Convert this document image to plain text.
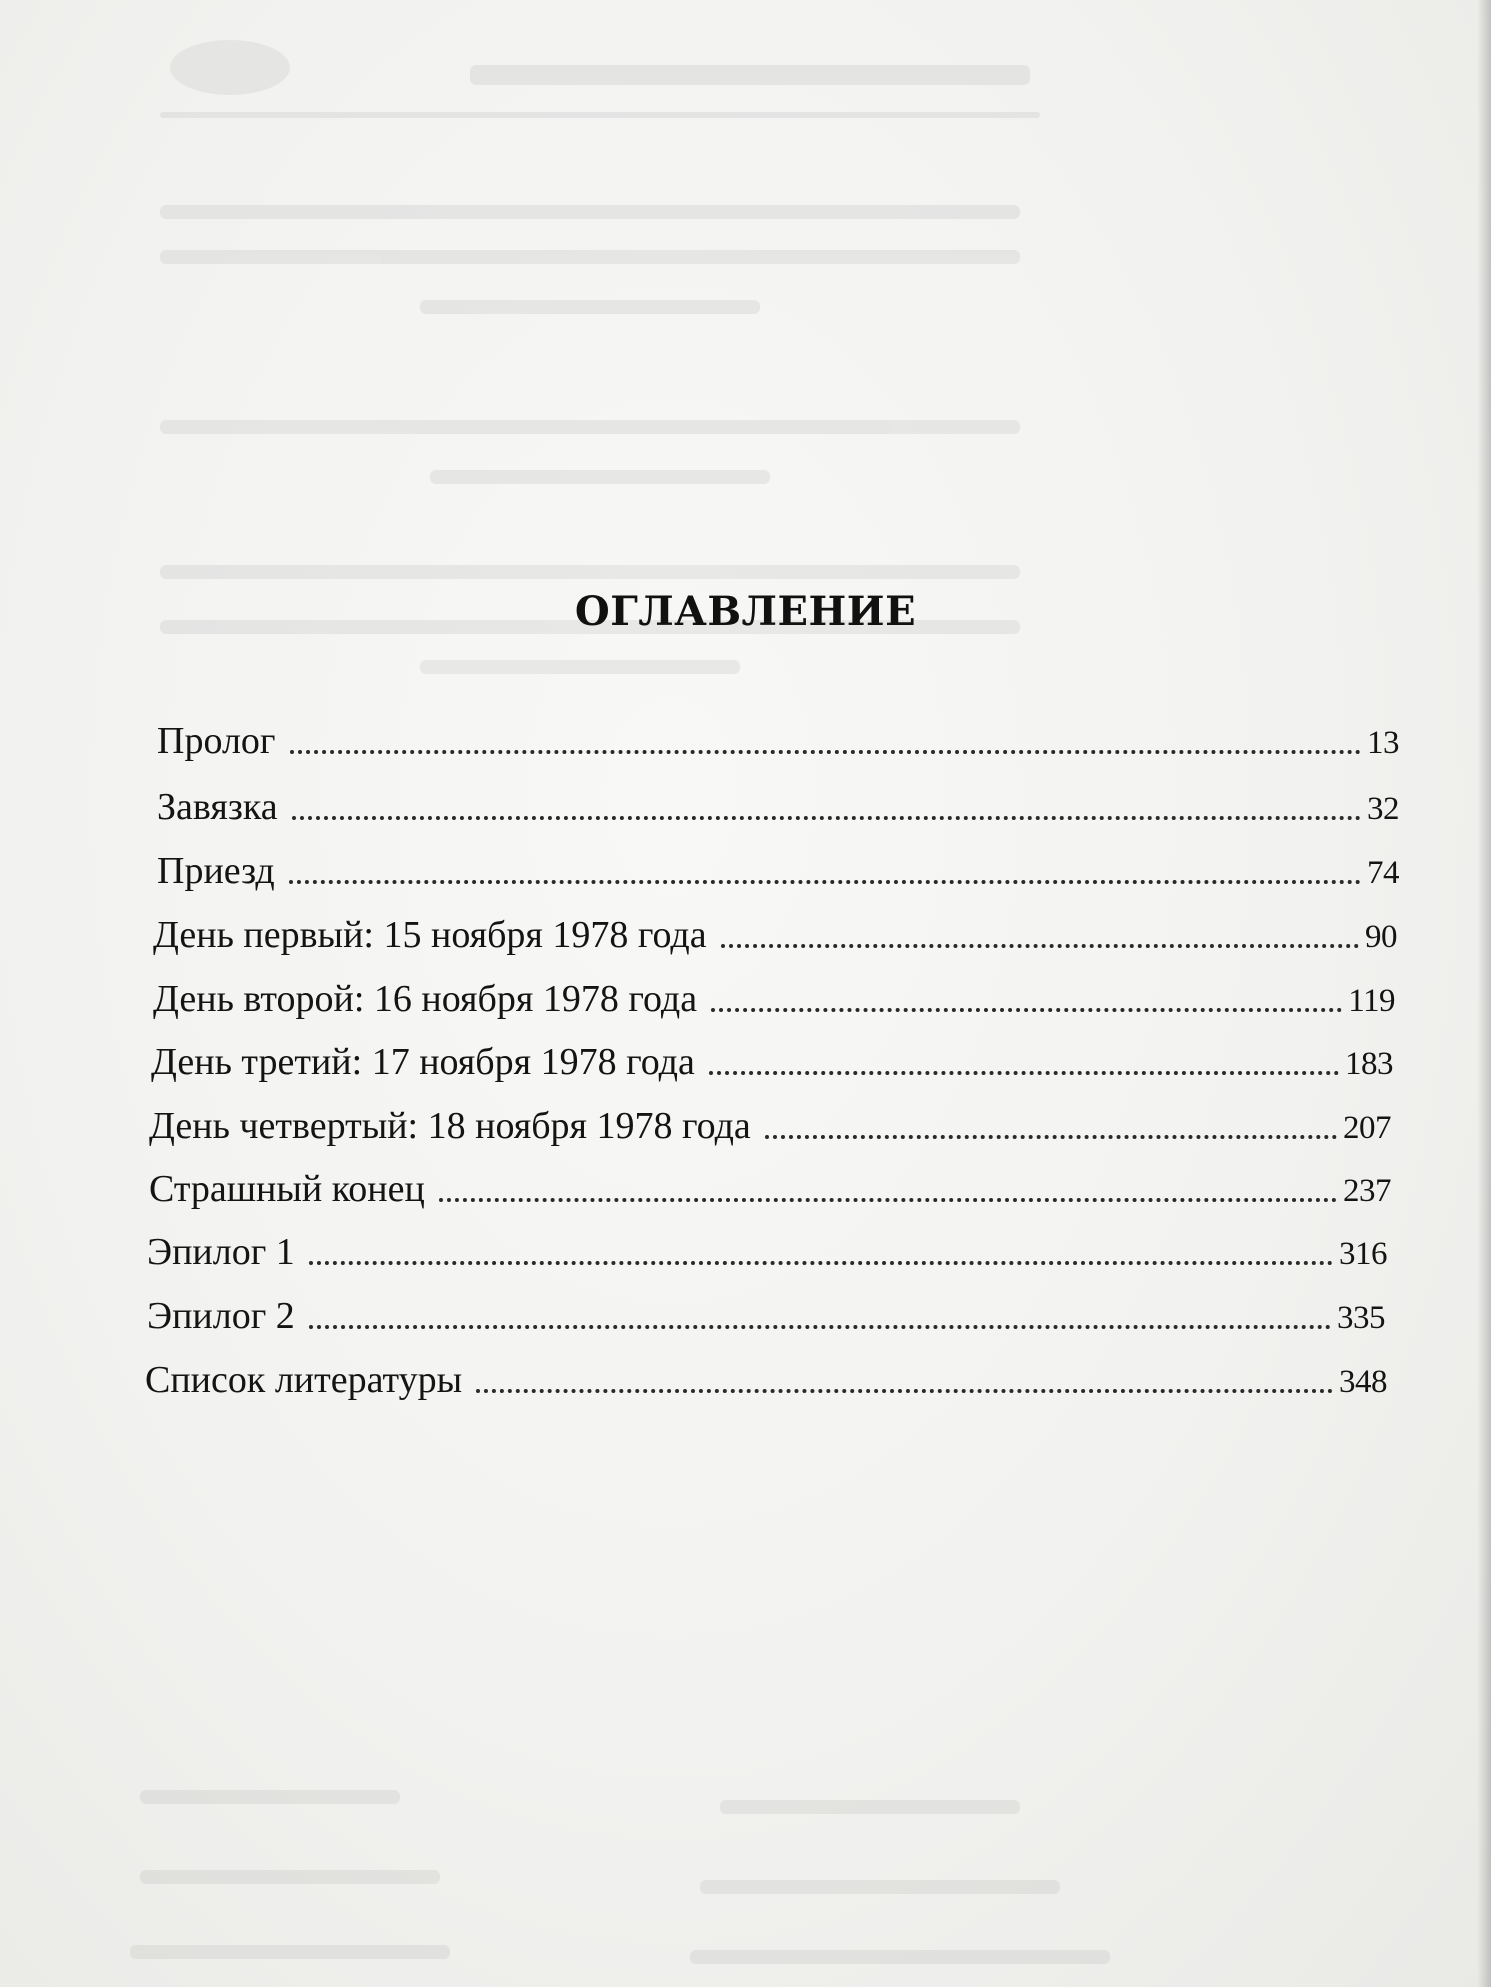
ОГЛАВЛЕНИЕ
Пролог	13
Завязка	32
Приезд	74
День первый: 15 ноября 1978 года	90
День второй: 16 ноября 1978 года	119
День третий: 17 ноября 1978 года	183
День четвертый: 18 ноября 1978 года	207
Страшный конец	237
Эпилог 1	316
Эпилог 2	335
Список литературы	348
